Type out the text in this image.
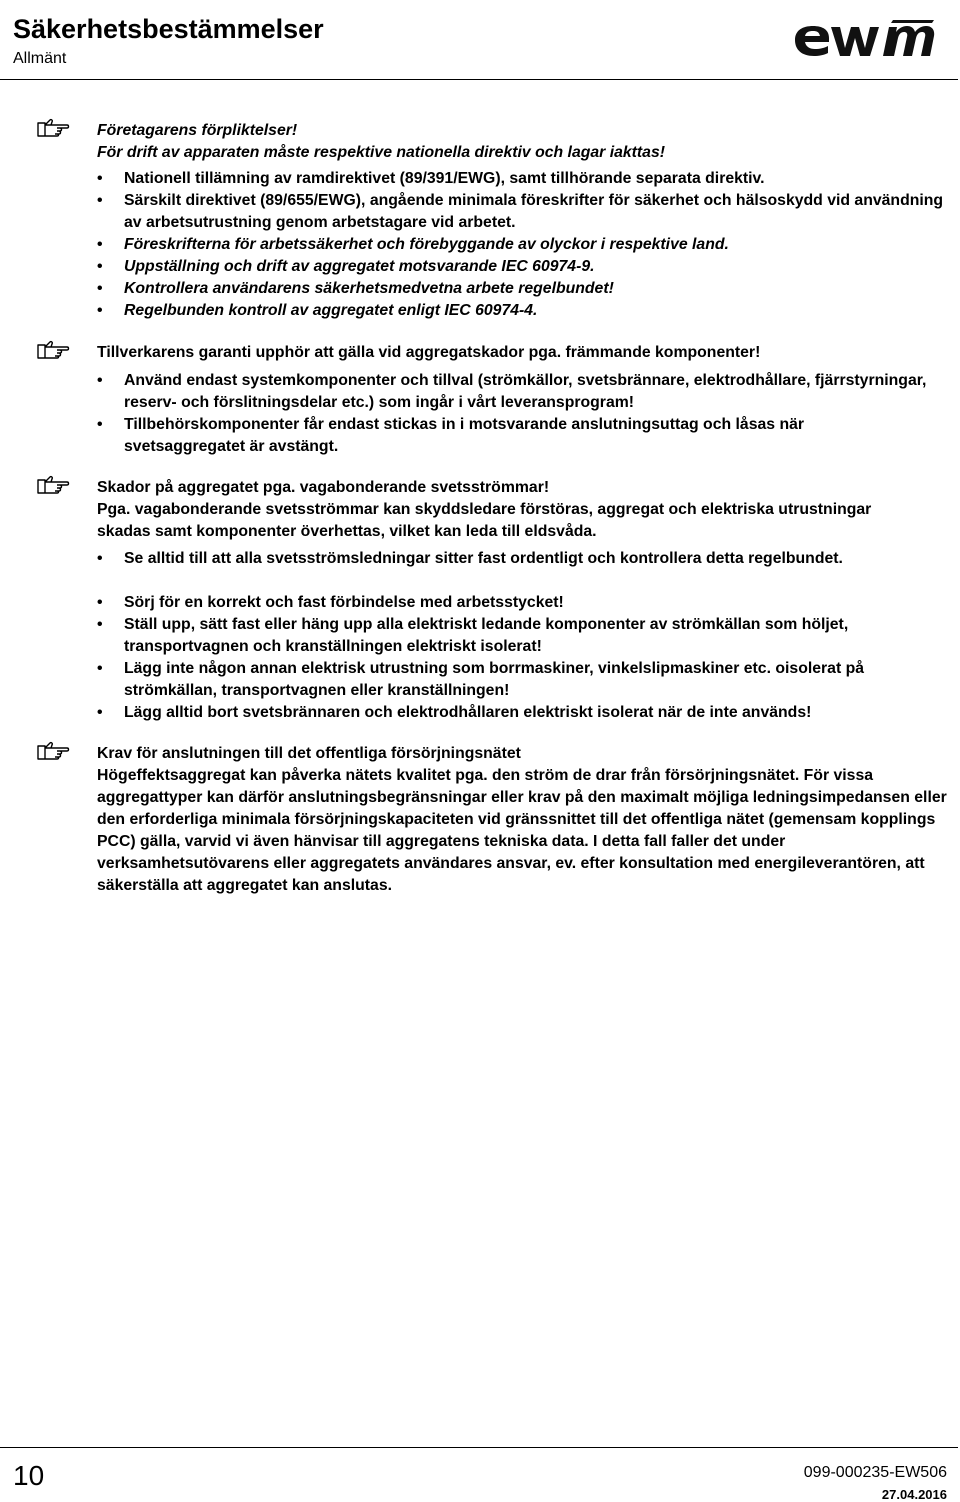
Säkerhetsbestämmelser
Allmänt
Företagarens förpliktelser!
För drift av apparaten måste respektive nationella direktiv och lagar iakttas!
• Nationell tillämning av ramdirektivet (89/391/EWG), samt tillhörande separata direktiv.
• Särskilt direktivet (89/655/EWG), angående minimala föreskrifter för säkerhet och hälsoskydd vid användning av arbetsutrustning genom arbetstagare vid arbetet.
• Föreskrifterna för arbetssäkerhet och förebyggande av olyckor i respektive land.
• Uppställning och drift av aggregatet motsvarande IEC 60974-9.
• Kontrollera användarens säkerhetsmedvetna arbete regelbundet!
• Regelbunden kontroll av aggregatet enligt IEC 60974-4.
Tillverkarens garanti upphör att gälla vid aggregatskador pga. främmande komponenter!
• Använd endast systemkomponenter och tillval (strömkällor, svetsbrännare, elektrodhållare, fjärrstyrningar, reserv- och förslitningsdelar etc.) som ingår i vårt leveransprogram!
• Tillbehörskomponenter får endast stickas in i motsvarande anslutningsuttag och låsas när svetsaggregatet är avstängt.
Skador på aggregatet pga. vagabonderande svetsströmmar!
Pga. vagabonderande svetsströmmar kan skyddsledare förstöras, aggregat och elektriska utrustningar skadas samt komponenter överhettas, vilket kan leda till eldsvåda.
• Se alltid till att alla svetsströmsledningar sitter fast ordentligt och kontrollera detta regelbundet.
• Sörj för en korrekt och fast förbindelse med arbetsstycket!
• Ställ upp, sätt fast eller häng upp alla elektriskt ledande komponenter av strömkällan som höljet, transportvagnen och kranställningen elektriskt isolerat!
• Lägg inte någon annan elektrisk utrustning som borrmaskiner, vinkelslipmaskiner etc. oisolerat på strömkällan, transportvagnen eller kranställningen!
• Lägg alltid bort svetsbrännaren och elektrodhållaren elektriskt isolerat när de inte används!
Krav för anslutningen till det offentliga försörjningsnätet
Högeffektsaggregat kan påverka nätets kvalitet pga. den ström de drar från försörjningsnätet. För vissa aggregattyper kan därför anslutningsbegränsningar eller krav på den maximalt möjliga ledningsimpedansen eller den erforderliga minimala försörjningskapaciteten vid gränssnittet till det offentliga nätet (gemensam kopplings PCC) gälla, varvid vi även hänvisar till aggregatens tekniska data. I detta fall faller det under verksamhetsutövarens eller aggregatets användares ansvar, ev. efter konsultation med energileverantören, att säkerställa att aggregatet kan anslutas.
10	099-000235-EW506
27.04.2016
